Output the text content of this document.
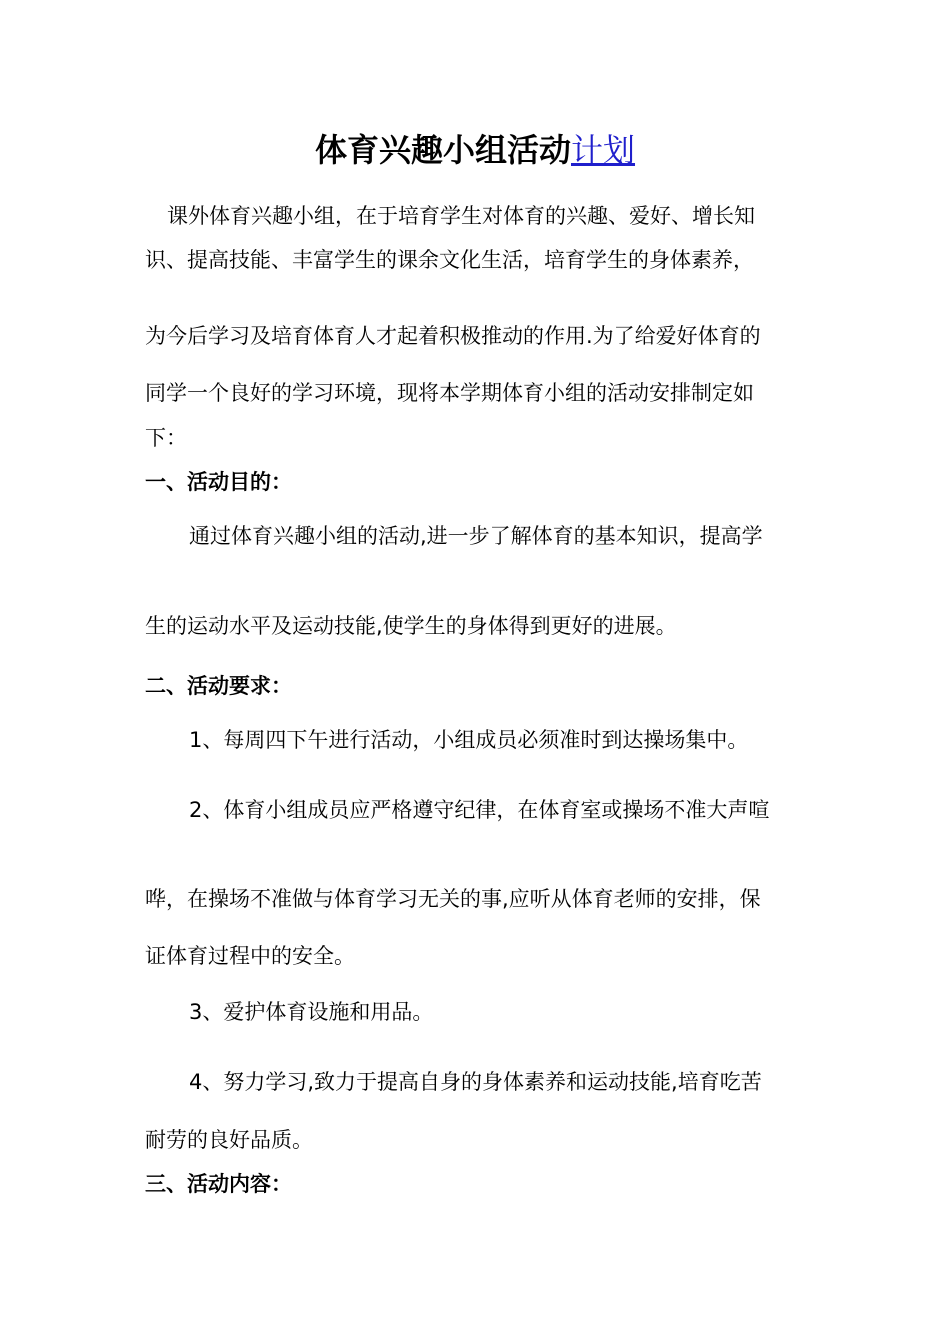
体育兴趣小组活动计划

课外体育兴趣小组，在于培育学生对体育的兴趣、爱好、增长知

识、提高技能、丰富学生的课余文化生活，培育学生的身体素养，

为今后学习及培育体育人才起着积极推动的作用.为了给爱好体育的

同学一个良好的学习环境，现将本学期体育小组的活动安排制定如

下：

一、活动目的：

通过体育兴趣小组的活动,进一步了解体育的基本知识，提高学

生的运动水平及运动技能,使学生的身体得到更好的进展。

二、活动要求：

1、每周四下午进行活动，小组成员必须准时到达操场集中。

2、体育小组成员应严格遵守纪律，在体育室或操场不准大声喧

哗，在操场不准做与体育学习无关的事,应听从体育老师的安排，保

证体育过程中的安全。

3、爱护体育设施和用品。

4、努力学习,致力于提高自身的身体素养和运动技能,培育吃苦

耐劳的良好品质。

三、活动内容：
